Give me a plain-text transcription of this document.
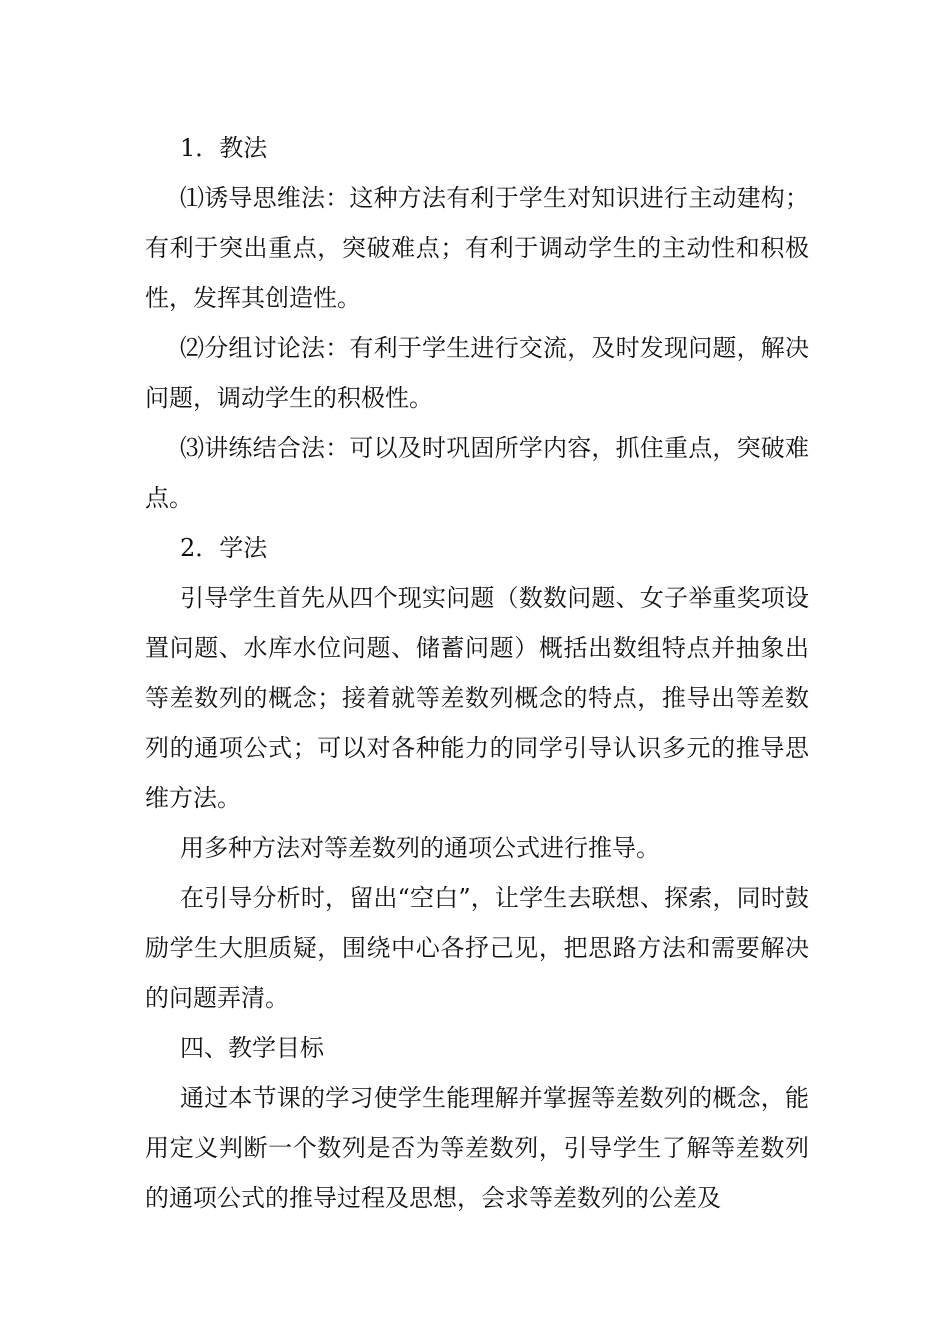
1．教法

⑴诱导思维法：这种方法有利于学生对知识进行主动建构；有利于突出重点，突破难点；有利于调动学生的主动性和积极性，发挥其创造性。

⑵分组讨论法：有利于学生进行交流，及时发现问题，解决问题，调动学生的积极性。

⑶讲练结合法：可以及时巩固所学内容，抓住重点，突破难点。

2．学法

引导学生首先从四个现实问题（数数问题、女子举重奖项设置问题、水库水位问题、储蓄问题）概括出数组特点并抽象出等差数列的概念；接着就等差数列概念的特点，推导出等差数列的通项公式；可以对各种能力的同学引导认识多元的推导思维方法。

用多种方法对等差数列的通项公式进行推导。

在引导分析时，留出“空白”，让学生去联想、探索，同时鼓励学生大胆质疑，围绕中心各抒己见，把思路方法和需要解决的问题弄清。

四、教学目标

通过本节课的学习使学生能理解并掌握等差数列的概念，能用定义判断一个数列是否为等差数列，引导学生了解等差数列的通项公式的推导过程及思想，会求等差数列的公差及
